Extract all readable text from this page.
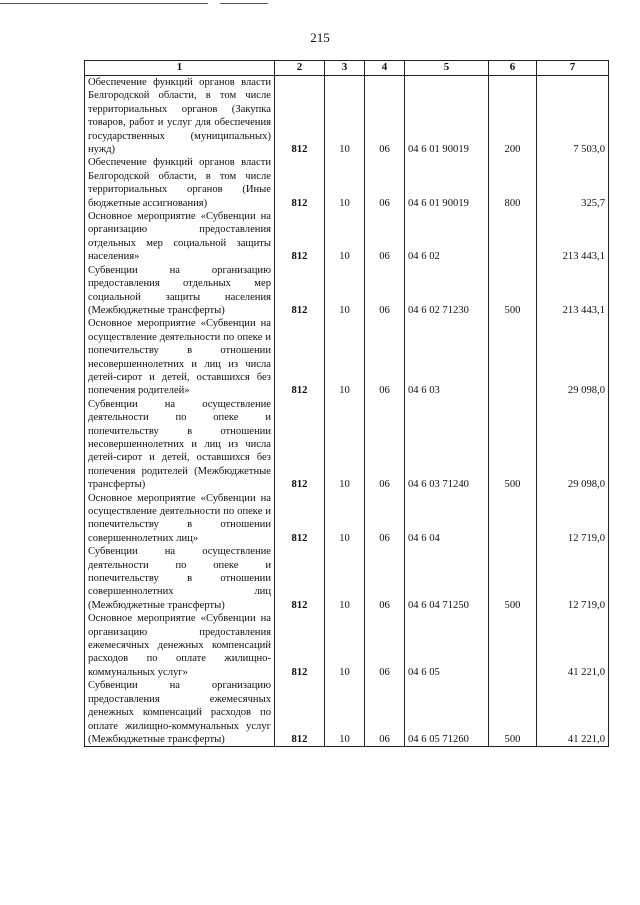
215
1	2	3	4	5	6	7
Обеспечение функций органов власти Белгородской области, в том числе территориальных органов (Закупка товаров, работ и услуг для обеспечения государственных (муниципальных) нужд)	812	10	06	04 6 01 90019	200	7 503,0
Обеспечение функций органов власти Белгородской области, в том числе территориальных органов (Иные бюджетные ассигнования)	812	10	06	04 6 01 90019	800	325,7
Основное мероприятие «Субвенции на организацию предоставления отдельных мер социальной защиты населения»	812	10	06	04 6 02		213 443,1
Субвенции на организацию предоставления отдельных мер социальной защиты населения (Межбюджетные трансферты)	812	10	06	04 6 02 71230	500	213 443,1
Основное мероприятие «Субвенции на осуществление деятельности по опеке и попечительству в отношении несовершеннолетних и лиц из числа детей-сирот и детей, оставшихся без попечения родителей»	812	10	06	04 6 03		29 098,0
Субвенции на осуществление деятельности по опеке и попечительству в отношении несовершеннолетних и лиц из числа детей-сирот и детей, оставшихся без попечения родителей (Межбюджетные трансферты)	812	10	06	04 6 03 71240	500	29 098,0
Основное мероприятие «Субвенции на осуществление деятельности по опеке и попечительству в отношении совершеннолетних лиц»	812	10	06	04 6 04		12 719,0
Субвенции на осуществление деятельности по опеке и попечительству в отношении совершеннолетних лиц (Межбюджетные трансферты)	812	10	06	04 6 04 71250	500	12 719,0
Основное мероприятие «Субвенции на организацию предоставления ежемесячных денежных компенсаций расходов по оплате жилищно-коммунальных услуг»	812	10	06	04 6 05		41 221,0
Субвенции на организацию предоставления ежемесячных денежных компенсаций расходов по оплате жилищно-коммунальных услуг (Межбюджетные трансферты)	812	10	06	04 6 05 71260	500	41 221,0
